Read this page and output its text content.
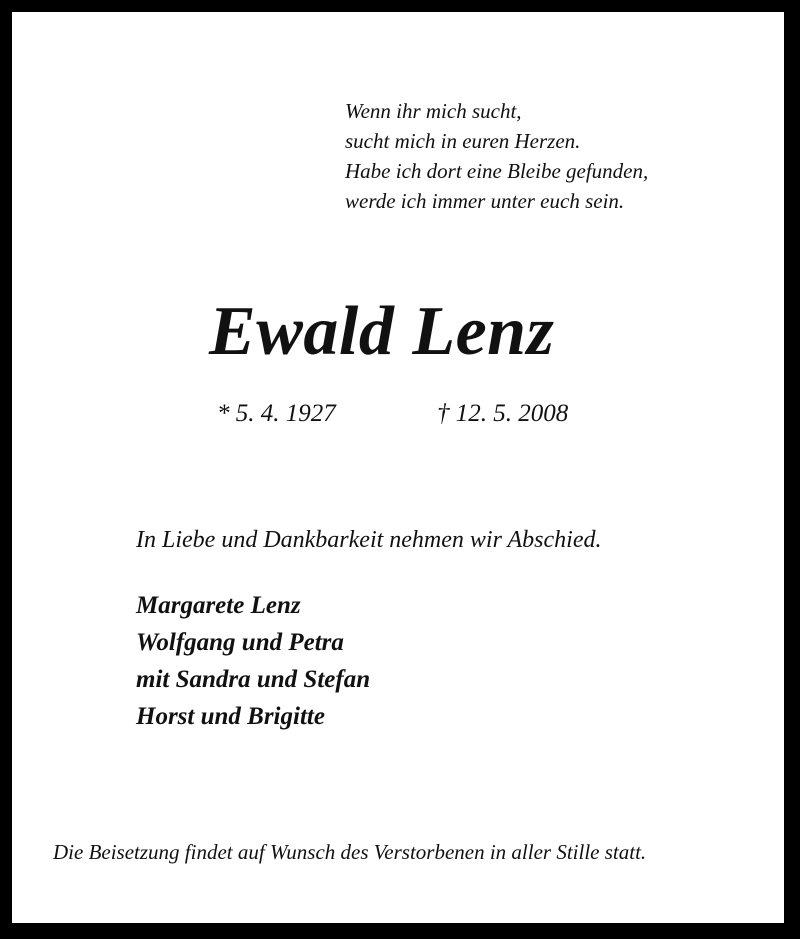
Wenn ihr mich sucht,
sucht mich in euren Herzen.
Habe ich dort eine Bleibe gefunden,
werde ich immer unter euch sein.
Ewald Lenz
* 5. 4. 1927	† 12. 5. 2008

In Liebe und Dankbarkeit nehmen wir Abschied.

Margarete Lenz
Wolfgang und Petra
mit Sandra und Stefan
Horst und Brigitte

Die Beisetzung findet auf Wunsch des Verstorbenen in aller Stille statt.
